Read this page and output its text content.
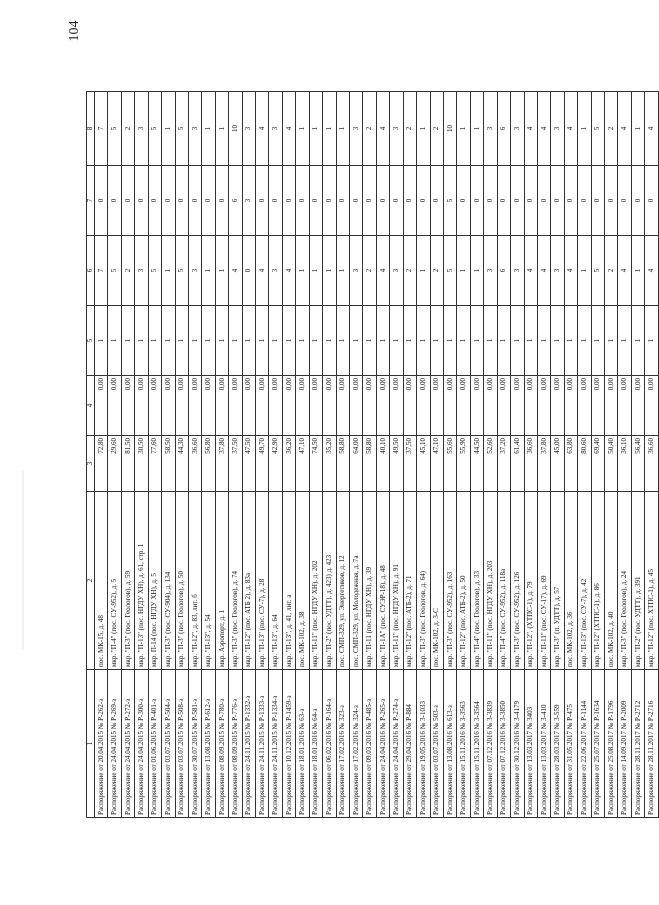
104
1	2	3	4	5	6	7	8
Распоряжение от 20.04.2015 № Р-262-з	пос. МК-15, д. 48	72,80	0,00	1	7	0	7
Распоряжение от 24.04.2015 № Р-269-з	мкр. "П-4" (пос. СУ-952), д. 5	29,60	0,00	1	5	0	5
Распоряжение от 24.04.2015 № Р-272-з	мкр. "П-3" (пос. Геологов), д. 59	81,50	0,00	1	2	0	2
Распоряжение от 24.04.2015 № Р-300-з	мкр. "П-13" (пос. НГДУ ХН), д. 61, стр. 1	30,50	0,00	1	3	0	3
Распоряжение от 01.06.2015 № Р-401-з	мкр. П-14 (пос. НГДУ ХН), д. 5	77,60	0,00	1	5	0	5
Распоряжение от 03.07.2015 № Р-504-з	мкр. "П-3" (пос. СУ-904), д. 134	58,50	0,00	1	1	0	1
Распоряжение от 03.07.2015 № Р-508-з	мкр. "П-3" (пос. Геологов), д. 50	44,30	0,00	1	5	0	5
Распоряжение от 30.07.2015 № Р-581-з	мкр. "П-12", д. 83, лит. б	36,60	0,00	1	3	0	3
Распоряжение от 13.08.2015 № Р-612-з	мкр. "П-13", д. 54	56,80	0,00	1	1	0	1
Распоряжение от 08.09.2015 № Р-780-з	мкр. Аэропорт, д. 1	37,80	0,00	1	1	0	1
Распоряжение от 08.09.2015 № Р-776-з	мкр. "П-3" (пос. Геологов), д. 74	37,50	0,00	1	4	6	10
Распоряжение от 24.11.2015 № Р-1332-з	мкр. "П-12" (пос. АТБ 2), д. 83а	47,50	0,00	1	0	3	3
Распоряжение от 24.11.2015 № Р-1333-з	мкр. "П-13" (пос. СУ-7), д. 28	49,70	0,00	1	4	0	4
Распоряжение от 24.11.2015 № Р-1334-з	мкр. "П-13", д. 64	42,90	0,00	1	3	0	3
Распоряжение от 10.12.2015 № Р-1459-з	мкр. "П-13", д. 41, лит. а	36,20	0,00	1	4	0	4
Распоряжение от 18.01.2016 № 63-з	пос. МК-102, д. 38	47,10	0,00	1	1	0	1
Распоряжение от 18.01.2016 № 64-з	мкр. "П-11" (пос. НГДУ ХН), д. 202	74,50	0,00	1	1	0	1
Распоряжение от 06.02.2016 № Р-164-з	мкр. "П-2" (пос. УДТТ), д. 423) д. 423	35,20	0,00	1	1	0	1
Распоряжение от 17.02.2016 № 323-з	пос. СМП-329, ул. Энергетиков, д. 12	58,80	0,00	1	1	0	1
Распоряжение от 17.02.2016 № 324-з	пос. СМП-329, ул. Молодежная, д. 7а	64,00	0,00	1	3	0	3
Распоряжение от 09.03.2016 № Р-485-з	мкр. "П-11 (пос. НГДУ ХН), д. 39	58,80	0,00	1	2	0	2
Распоряжение от 24.04.2016 № Р-265-з	мкр. "П-1А" (пос. СУЭР-18), д. 48	40,10	0,00	1	4	0	4
Распоряжение от 24.04.2016 № Р-274-з	мкр. "П-11" (пос. НГДУ ХН), д. 91	49,50	0,00	1	3	0	3
Распоряжение от 29.04.2016 № Р-884	мкр. "П-12" (пос. АТБ-2), д. 71	37,50	0,00	1	2	0	2
Распоряжение от 19.05.2016 № 3-1033	мкр. "П-3" (пос. Геологов, д. 64)	45,10	0,00	1	1	0	1
Распоряжение от 03.07.2016 № 503-з	пос. МК-102, д. 3-С	47,10	0,00	1	2	0	2
Распоряжение от 13.08.2016 № 613-з	мкр. "П-3" (пос. СУ-952), д. 163	55,60	0,00	1	5	5	10
Распоряжение от 15.11.2016 № 3-3563	мкр. "П-12" (пос. АТБ-2), д. 50	55,90	0,00	1	1	0	1
Распоряжение от 15.11.2016 № 3-3564	мкр. "П-4" (пос. Геологов), д. 33	44,50	0,00	1	1	0	1
Распоряжение от 07.12.2016 № 3-3839	мкр. "П-11" (пос. НГДУ ХН), д. 203	52,60	0,00	1	3	0	3
Распоряжение от 07.12.2016 № 3-3850	мкр. "П-4" (пос. СУ-952), д. 118а	37,20	0,00	1	6	0	6
Распоряжение от 30.12.2016 № 3-4179	мкр. "П-3" (пос. СУ-952), д. 126	61,40	0,00	1	3	0	3
Распоряжение от 13.03.2017 № 3403	мкр. "П-12", (ХТПС-1), д. 79	36,60	0,00	1	4	0	4
Распоряжение от 13.03.2017 № 3-410	мкр. "П-11" (пос. СУ-17), д. 69	37,80	0,00	1	4	0	4
Распоряжение от 28.03.2017 № 3-559	мкр. "П-3" (п. УДТТ), д. 57	45,00	0,00	1	3	0	3
Распоряжение от 31.05.2017 № Р-475	пос. МК-102, д. 36	63,80	0,00	1	4	0	4
Распоряжение от 22.06.2017 № Р-1144	мкр. "П-13" (пос. СУ-7), д. 42	80,60	0,00	1	1	0	1
Распоряжение от 25.07.2017 № Р-1634	мкр. "П-12" (ХТПС-1), д. 86	69,40	0,00	1	5	0	5
Распоряжение от 25.08.2017 № Р-1796	пос. МК-102, д. 40	50,40	0,00	1	2	0	2
Распоряжение от 14.09.2017 № Р-2009	мкр. "П-3" (пос. Геологов), д. 24	36,10	0,00	1	4	0	4
Распоряжение от 28.11.2017 № Р-2712	мкр. "П-2" (пос. УДТТ), д. 391	56,40	0,00	1	1	0	1
Распоряжение от 28.11.2017 № Р-2716	мкр. "П-12" (пос. ХТПС-1), д. 45	36,60	0,00	1	4	0	4
